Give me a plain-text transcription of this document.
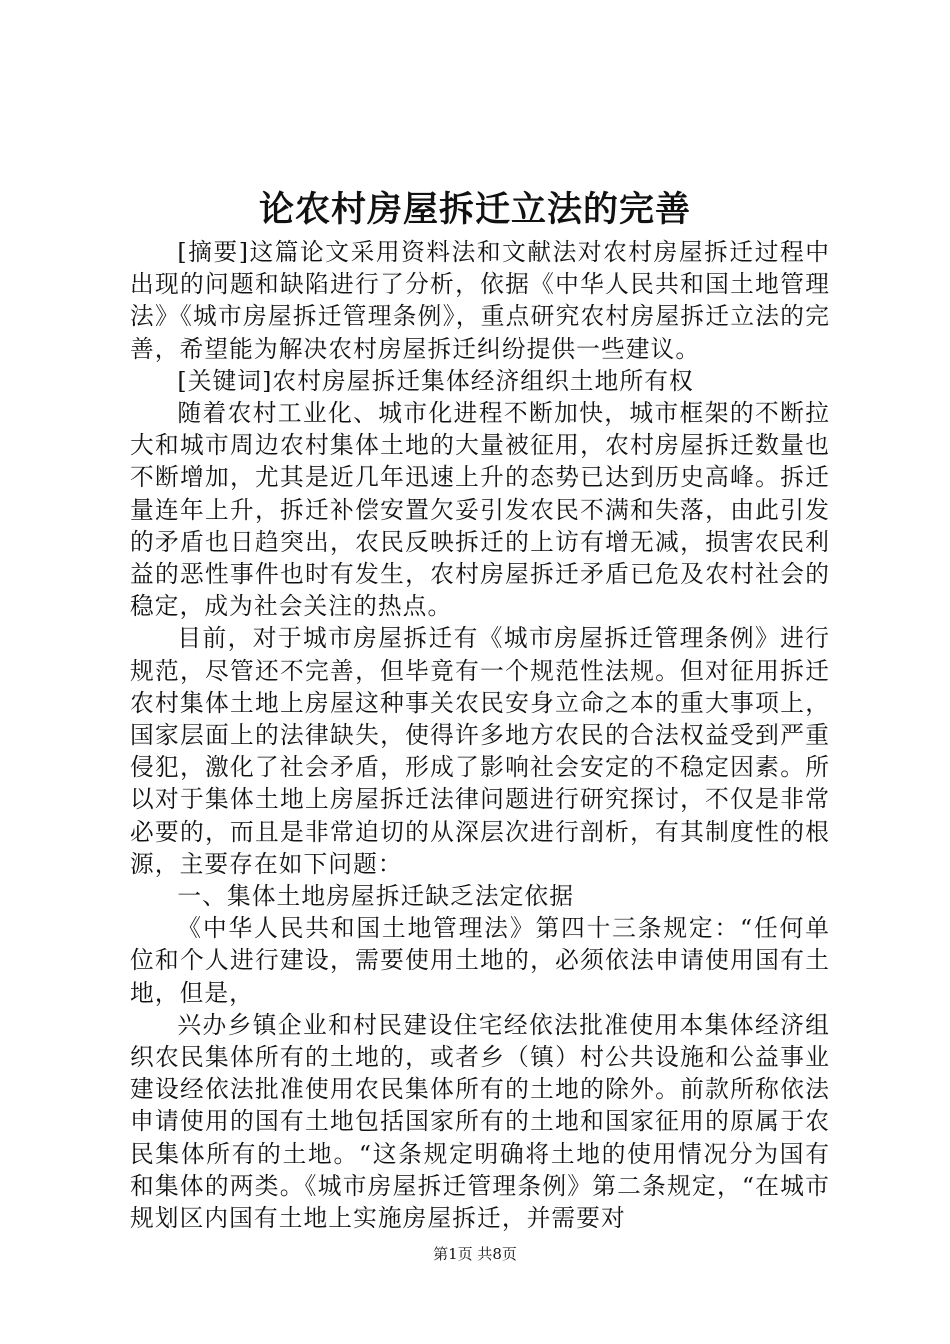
论农村房屋拆迁立法的完善

[摘要]这篇论文采用资料法和文献法对农村房屋拆迁过程中出现的问题和缺陷进行了分析，依据《中华人民共和国土地管理法》《城市房屋拆迁管理条例》，重点研究农村房屋拆迁立法的完善，希望能为解决农村房屋拆迁纠纷提供一些建议。

[关键词]农村房屋拆迁集体经济组织土地所有权

随着农村工业化、城市化进程不断加快，城市框架的不断拉大和城市周边农村集体土地的大量被征用，农村房屋拆迁数量也不断增加，尤其是近几年迅速上升的态势已达到历史高峰。拆迁量连年上升，拆迁补偿安置欠妥引发农民不满和失落，由此引发的矛盾也日趋突出，农民反映拆迁的上访有增无减，损害农民利益的恶性事件也时有发生，农村房屋拆迁矛盾已危及农村社会的稳定，成为社会关注的热点。

目前，对于城市房屋拆迁有《城市房屋拆迁管理条例》进行规范，尽管还不完善，但毕竟有一个规范性法规。但对征用拆迁农村集体土地上房屋这种事关农民安身立命之本的重大事项上，国家层面上的法律缺失，使得许多地方农民的合法权益受到严重侵犯，激化了社会矛盾，形成了影响社会安定的不稳定因素。所以对于集体土地上房屋拆迁法律问题进行研究探讨，不仅是非常必要的，而且是非常迫切的从深层次进行剖析，有其制度性的根源，主要存在如下问题：

一、集体土地房屋拆迁缺乏法定依据

《中华人民共和国土地管理法》第四十三条规定：“任何单位和个人进行建设，需要使用土地的，必须依法申请使用国有土地，但是，

兴办乡镇企业和村民建设住宅经依法批准使用本集体经济组织农民集体所有的土地的，或者乡（镇）村公共设施和公益事业建设经依法批准使用农民集体所有的土地的除外。前款所称依法申请使用的国有土地包括国家所有的土地和国家征用的原属于农民集体所有的土地。“这条规定明确将土地的使用情况分为国有和集体的两类。《城市房屋拆迁管理条例》第二条规定，“在城市规划区内国有土地上实施房屋拆迁，并需要对

第1页 共8页
